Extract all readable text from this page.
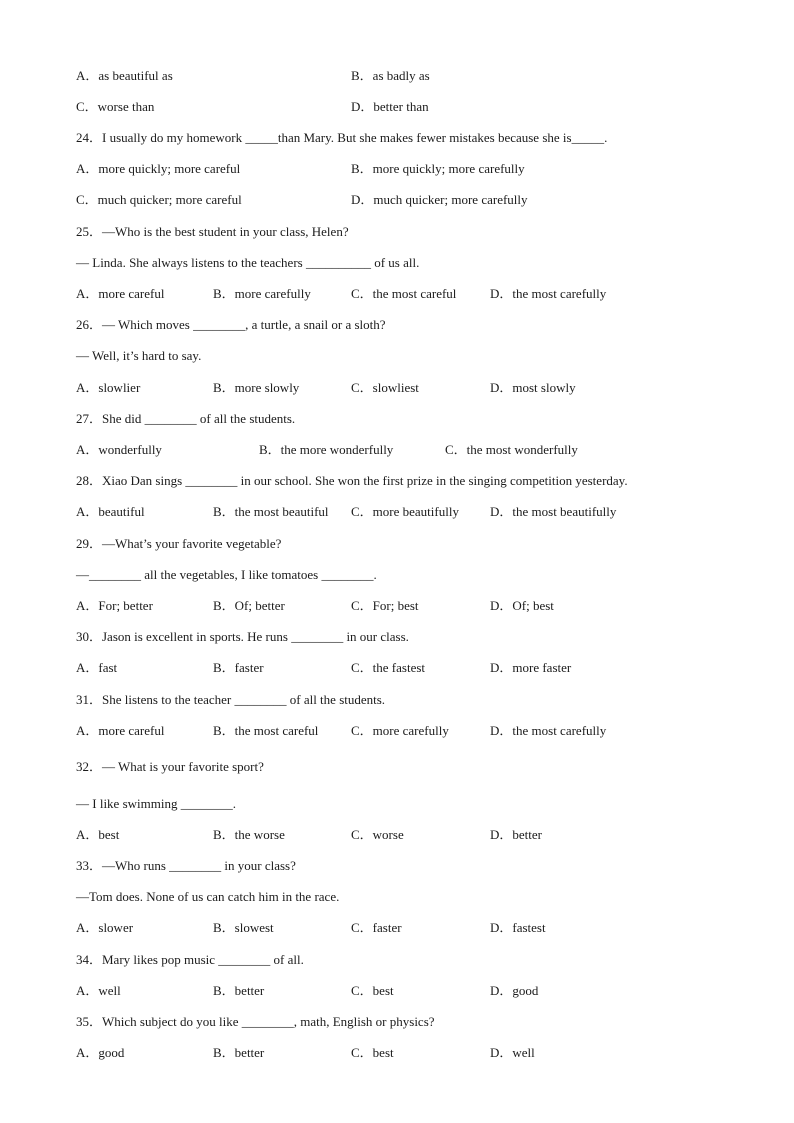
A．as beautiful as	B．as badly as
C．worse than	D．better than
24．I usually do my homework _____than Mary. But she makes fewer mistakes because she is_____.
A．more quickly; more careful	B．more quickly; more carefully
C．much quicker; more careful	D．much quicker; more carefully
25．—Who is the best student in your class, Helen?
— Linda. She always listens to the teachers __________ of us all.
A．more careful	B．more carefully	C．the most careful	D．the most carefully
26．— Which moves ________, a turtle, a snail or a sloth?
— Well, it’s hard to say.
A．slowlier	B．more slowly	C．slowliest	D．most slowly
27．She did ________ of all the students.
A．wonderfully	B．the more wonderfully	C．the most wonderfully
28．Xiao Dan sings ________ in our school. She won the first prize in the singing competition yesterday.
A．beautiful	B．the most beautiful C．more beautifully D．the most beautifully
29．—What’s your favorite vegetable?
—________ all the vegetables, I like tomatoes ________.
A．For; better	B．Of; better	C．For; best	D．Of; best
30．Jason is excellent in sports. He runs ________ in our class.
A．fast	B．faster	C．the fastest	D．more faster
31．She listens to the teacher ________ of all the students.
A．more careful	B．the most careful	C．more carefully	D．the most carefully
32．— What is your favorite sport?
— I like swimming ________.
A．best	B．the worse	C．worse	D．better
33．—Who runs ________ in your class?
—Tom does. None of us can catch him in the race.
A．slower	B．slowest	C．faster	D．fastest
34．Mary likes pop music ________ of all.
A．well	B．better	C．best	D．good
35．Which subject do you like ________, math, English or physics?
A．good	B．better	C．best	D．well
